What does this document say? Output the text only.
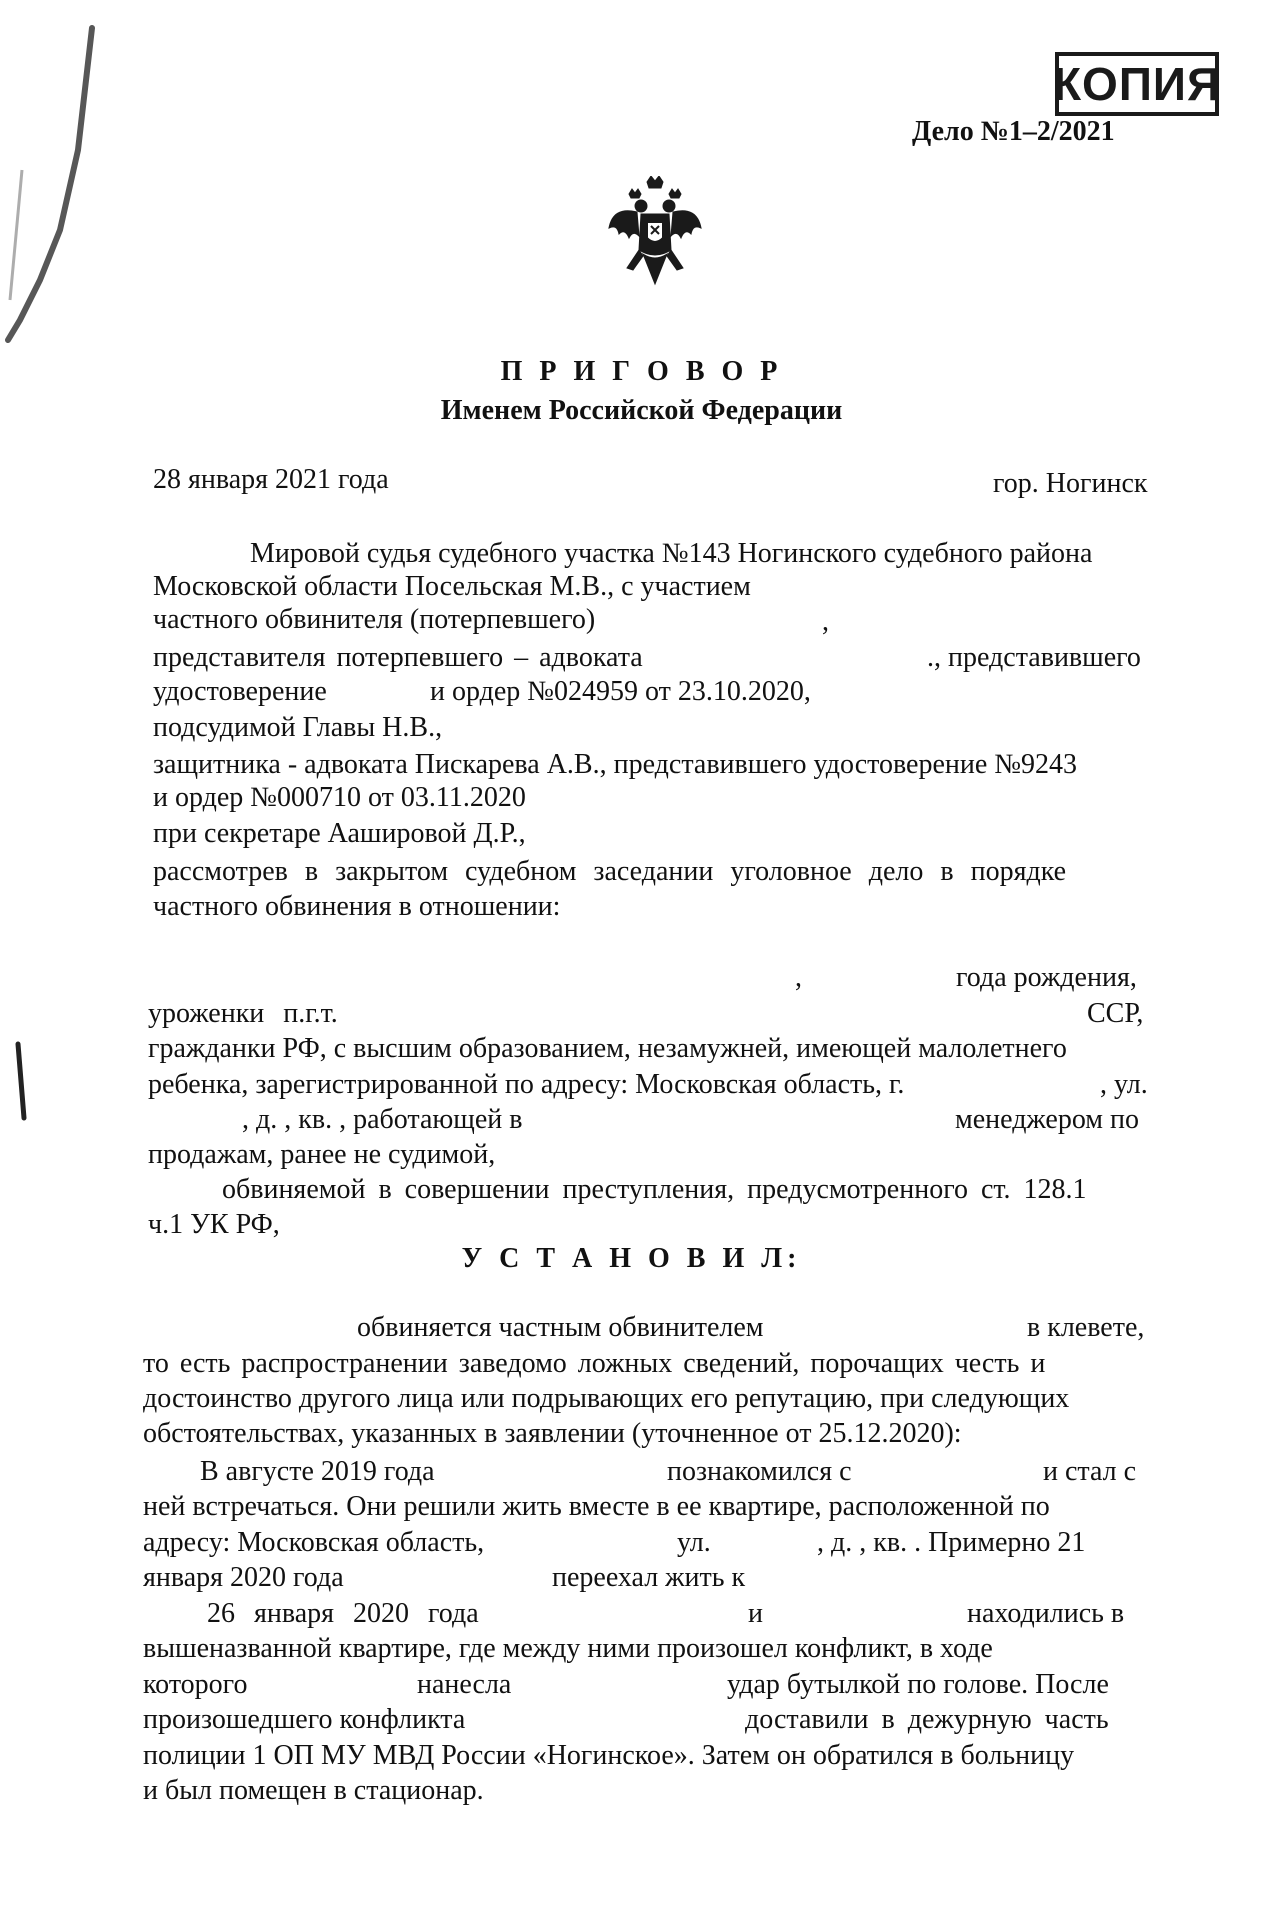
КОПИЯ
Дело №1–2/2021
П Р И Г О В О Р
Именем Российской Федерации
28 января 2021 года	гор. Ногинск
Мировой судья судебного участка №143 Ногинского судебного района
Московской области Посельская М.В., с участием
частного обвинителя (потерпевшего)	,
представителя потерпевшего – адвоката	., представившего
удостоверение	и ордер №024959 от 23.10.2020,
подсудимой Главы Н.В.,
защитника - адвоката Пискарева А.В., представившего удостоверение №9243
и ордер №000710 от 03.11.2020
при секретаре Аашировой Д.Р.,
рассмотрев в закрытом судебном заседании уголовное дело в порядке
частного обвинения в отношении:
,	года рождения,
уроженки п.г.т.	ССР,
гражданки РФ, с высшим образованием, незамужней, имеющей малолетнего
ребенка, зарегистрированной по адресу: Московская область, г.	, ул.
, д. , кв. , работающей в	менеджером по
продажам, ранее не судимой,
обвиняемой в совершении преступления, предусмотренного ст. 128.1
ч.1 УК РФ,
У С Т А Н О В И Л:
обвиняется частным обвинителем	в клевете,
то есть распространении заведомо ложных сведений, порочащих честь и
достоинство другого лица или подрывающих его репутацию, при следующих
обстоятельствах, указанных в заявлении (уточненное от 25.12.2020):
В августе 2019 года	познакомился с	и стал с
ней встречаться. Они решили жить вместе в ее квартире, расположенной по
адресу: Московская область,	ул.	, д. , кв. . Примерно 21
января 2020 года	переехал жить к
26 января 2020 года	и	находились в
вышеназванной квартире, где между ними произошел конфликт, в ходе
которого	нанесла	удар бутылкой по голове. После
произошедшего конфликта	доставили в дежурную часть
полиции 1 ОП МУ МВД России «Ногинское». Затем он обратился в больницу
и был помещен в стационар.
